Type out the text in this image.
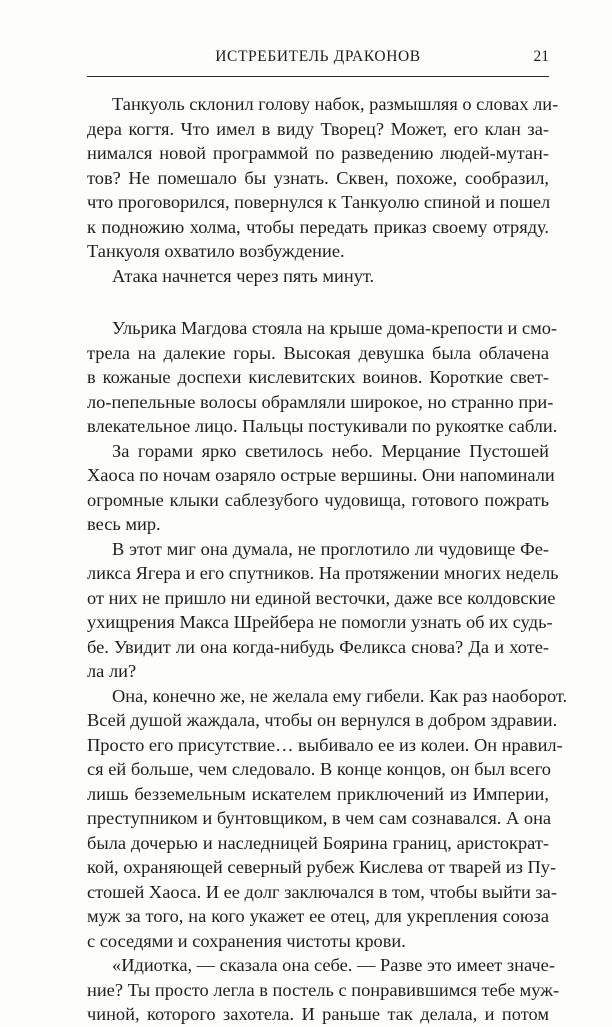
ИСТРЕБИТЕЛЬ ДРАКОНОВ	21

Танкуоль склонил голову набок, размышляя о словах ли-
дера когтя. Что имел в виду Творец? Может, его клан за-
нимался новой программой по разведению людей-мутан-
тов? Не помешало бы узнать. Сквен, похоже, сообразил,
что проговорился, повернулся к Танкуолю спиной и пошел
к подножию холма, чтобы передать приказ своему отряду.
Танкуоля охватило возбуждение.

Атака начнется через пять минут.

Ульрика Магдова стояла на крыше дома-крепости и смо-
трела на далекие горы. Высокая девушка была облачена
в кожаные доспехи кислевитских воинов. Короткие свет-
ло-пепельные волосы обрамляли широкое, но странно при-
влекательное лицо. Пальцы постукивали по рукоятке сабли.

За горами ярко светилось небо. Мерцание Пустошей
Хаоса по ночам озаряло острые вершины. Они напоминали
огромные клыки саблезубого чудовища, готового пожрать
весь мир.

В этот миг она думала, не проглотило ли чудовище Фе-
ликса Ягера и его спутников. На протяжении многих недель
от них не пришло ни единой весточки, даже все колдовские
ухищрения Макса Шрейбера не помогли узнать об их судь-
бе. Увидит ли она когда-нибудь Феликса снова? Да и хоте-
ла ли?

Она, конечно же, не желала ему гибели. Как раз наоборот.
Всей душой жаждала, чтобы он вернулся в добром здравии.
Просто его присутствие… выбивало ее из колеи. Он нравил-
ся ей больше, чем следовало. В конце концов, он был всего
лишь безземельным искателем приключений из Империи,
преступником и бунтовщиком, в чем сам сознавался. А она
была дочерью и наследницей Боярина границ, аристократ-
кой, охраняющей северный рубеж Кислева от тварей из Пу-
стошей Хаоса. И ее долг заключался в том, чтобы выйти за-
муж за того, на кого укажет ее отец, для укрепления союза
с соседями и сохранения чистоты крови.

«Идиотка, — сказала она себе. — Разве это имеет значе-
ние? Ты просто легла в постель с понравившимся тебе муж-
чиной, которого захотела. И раньше так делала, и потом
